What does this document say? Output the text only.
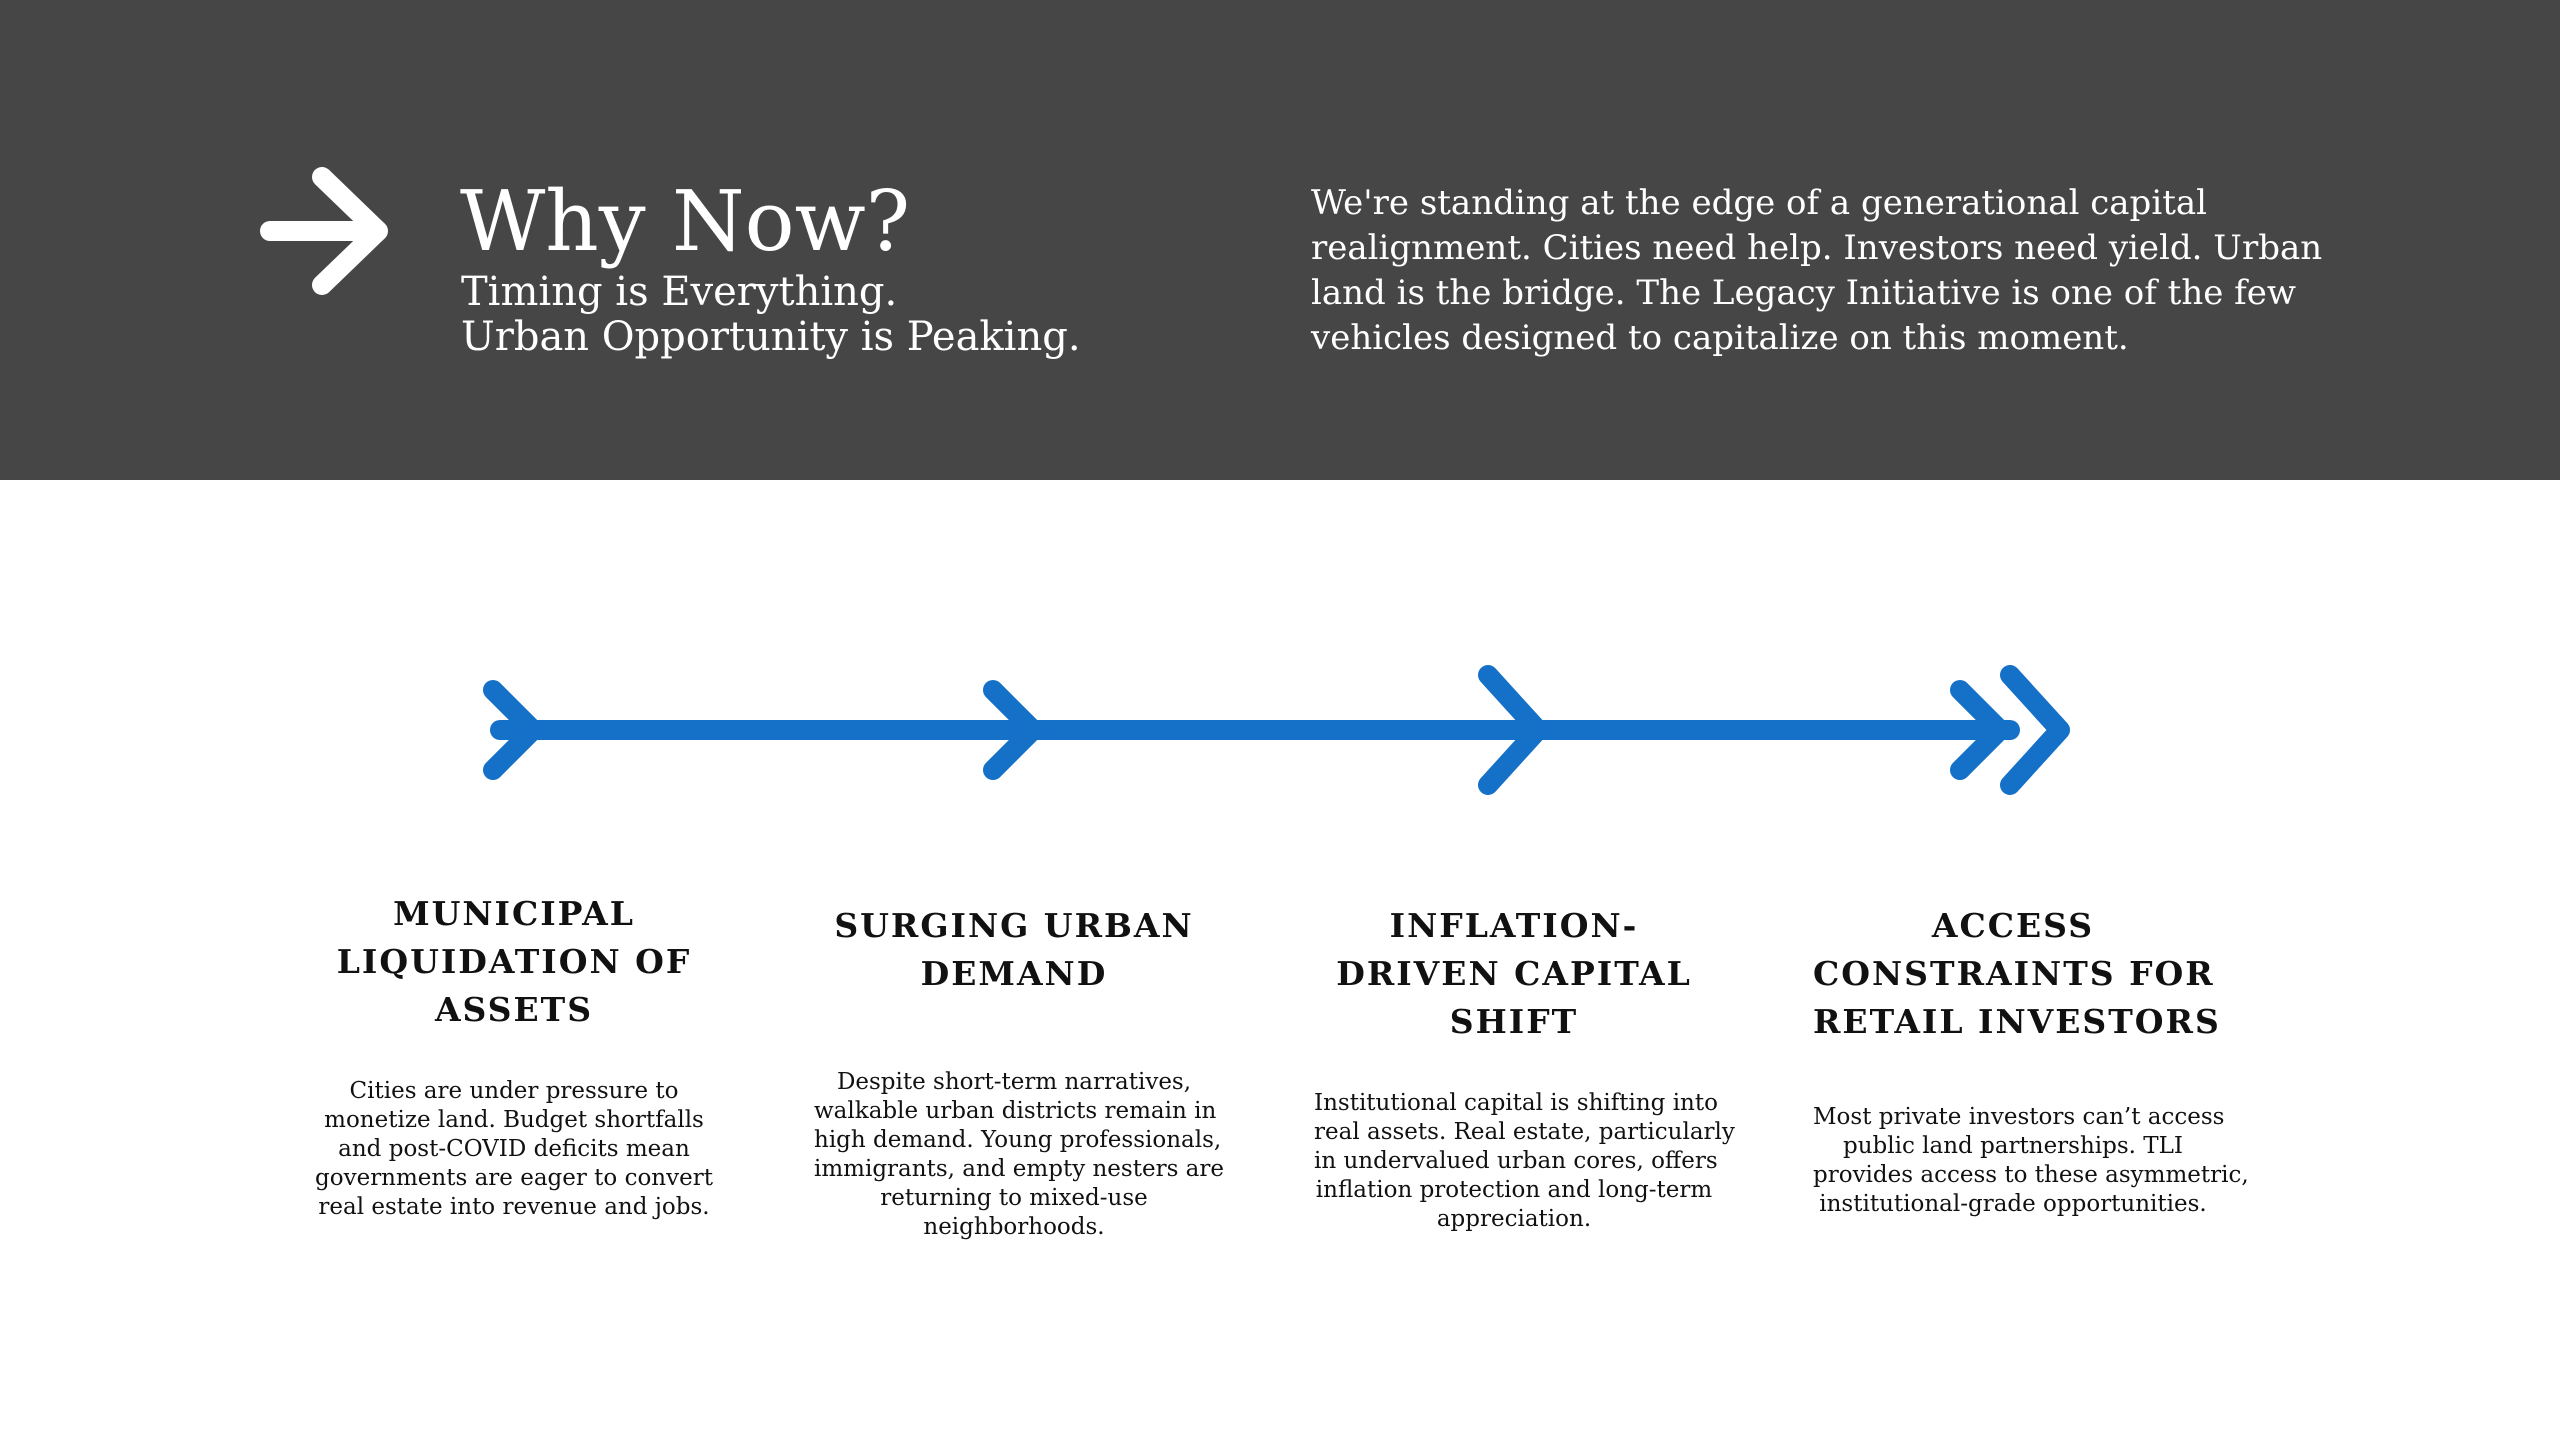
Why Now?
Timing is Everything.
Urban Opportunity is Peaking.
We're standing at the edge of a generational capital
realignment. Cities need help. Investors need yield. Urban
land is the bridge. The Legacy Initiative is one of the few
vehicles designed to capitalize on this moment.
MUNICIPAL
LIQUIDATION OF
ASSETS
Cities are under pressure to
monetize land. Budget shortfalls
and post-COVID deficits mean
governments are eager to convert
real estate into revenue and jobs.
SURGING URBAN
DEMAND
Despite short-term narratives,
walkable urban districts remain in
high demand. Young professionals,
immigrants, and empty nesters are
returning to mixed-use
neighborhoods.
INFLATION-
DRIVEN CAPITAL
SHIFT
Institutional capital is shifting into
real assets. Real estate, particularly
in undervalued urban cores, offers
inflation protection and long-term
appreciation.
ACCESS
CONSTRAINTS FOR
RETAIL INVESTORS
Most private investors can’t access
public land partnerships. TLI
provides access to these asymmetric,
institutional-grade opportunities.
